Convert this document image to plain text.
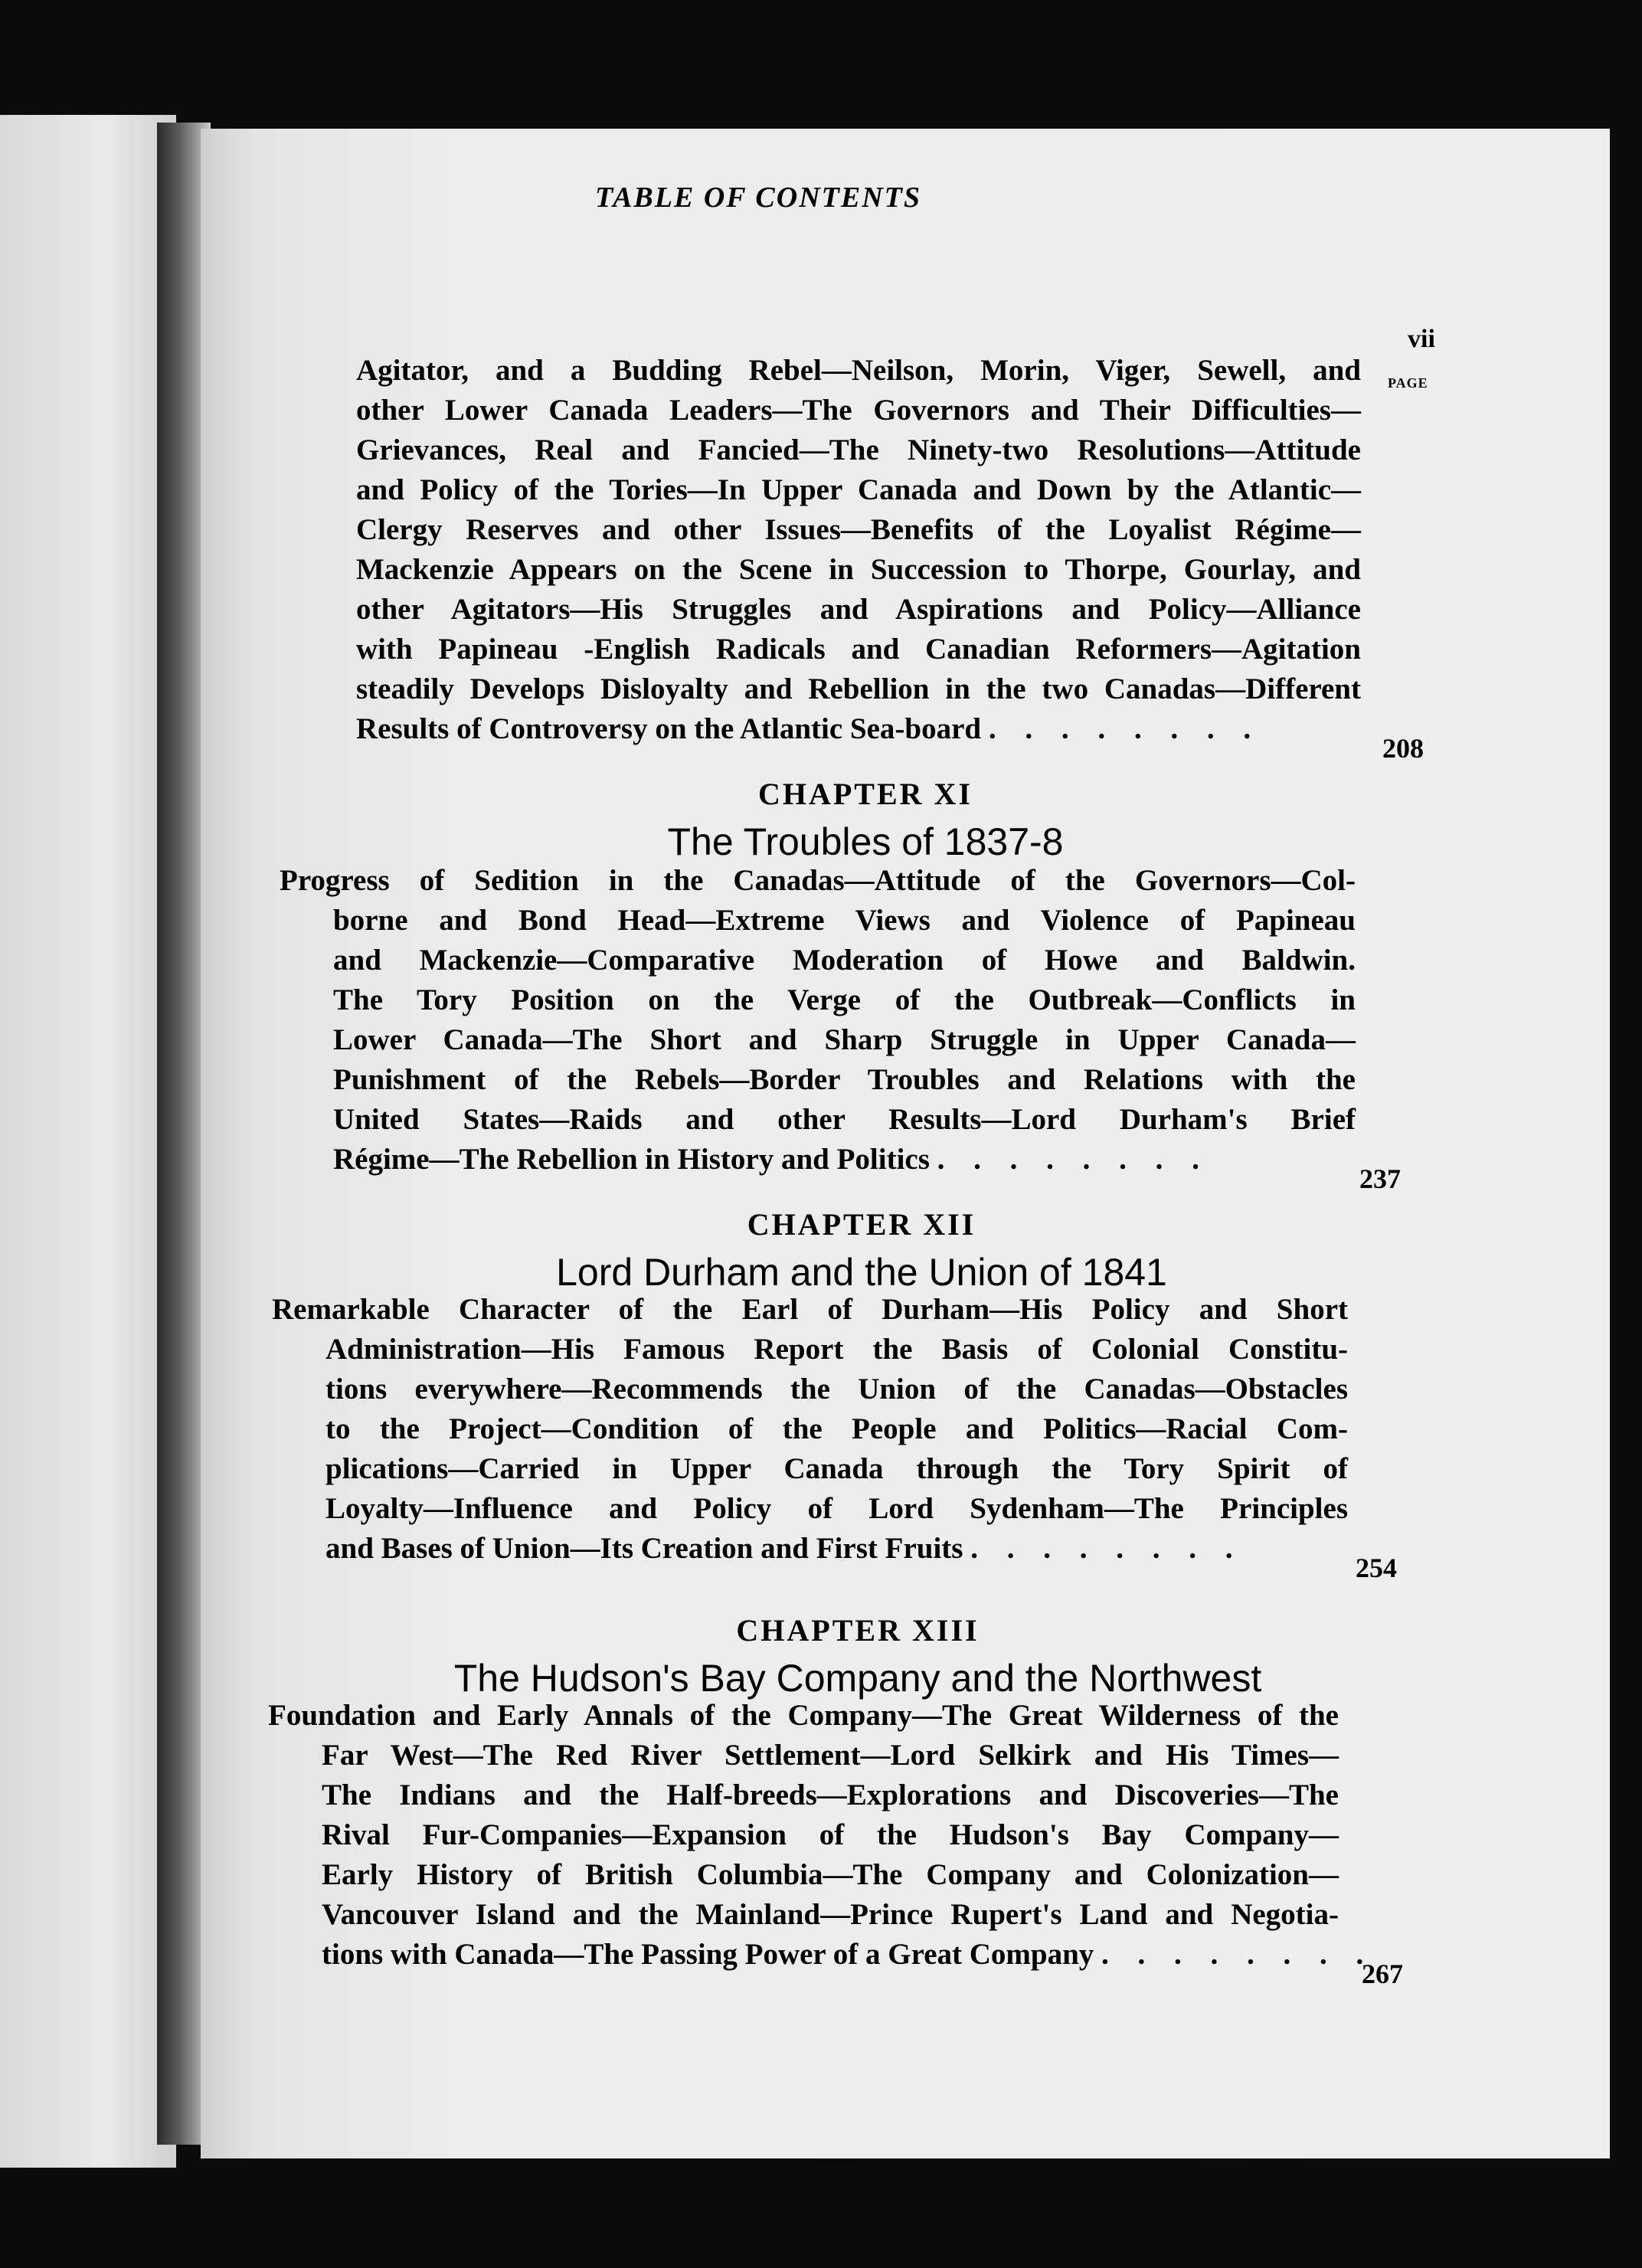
TABLE OF CONTENTS
vii
PAGE
Agitator, and a Budding Rebel—Neilson, Morin, Viger, Sewell, and
other Lower Canada Leaders—The Governors and Their Difficulties—
Grievances, Real and Fancied—The Ninety-two Resolutions—Attitude
and Policy of the Tories—In Upper Canada and Down by the Atlantic—
Clergy Reserves and other Issues—Benefits of the Loyalist Régime—
Mackenzie Appears on the Scene in Succession to Thorpe, Gourlay, and
other Agitators—His Struggles and Aspirations and Policy—Alliance
with Papineau -English Radicals and Canadian Reformers—Agitation
steadily Develops Disloyalty and Rebellion in the two Canadas—Different
Results of Controversy on the Atlantic Sea-board . . . . . . . .
208
CHAPTER XI
The Troubles of 1837-8
Progress of Sedition in the Canadas—Attitude of the Governors—Col-
borne and Bond Head—Extreme Views and Violence of Papineau
and Mackenzie—Comparative Moderation of Howe and Baldwin.
The Tory Position on the Verge of the Outbreak—Conflicts in
Lower Canada—The Short and Sharp Struggle in Upper Canada—
Punishment of the Rebels—Border Troubles and Relations with the
United States—Raids and other Results—Lord Durham's Brief
Régime—The Rebellion in History and Politics . . . . . . . .
237
CHAPTER XII
Lord Durham and the Union of 1841
Remarkable Character of the Earl of Durham—His Policy and Short
Administration—His Famous Report the Basis of Colonial Constitu-
tions everywhere—Recommends the Union of the Canadas—Obstacles
to the Project—Condition of the People and Politics—Racial Com-
plications—Carried in Upper Canada through the Tory Spirit of
Loyalty—Influence and Policy of Lord Sydenham—The Principles
and Bases of Union—Its Creation and First Fruits . . . . . . . .
254
CHAPTER XIII
The Hudson's Bay Company and the Northwest
Foundation and Early Annals of the Company—The Great Wilderness of the
Far West—The Red River Settlement—Lord Selkirk and His Times—
The Indians and the Half-breeds—Explorations and Discoveries—The
Rival Fur-Companies—Expansion of the Hudson's Bay Company—
Early History of British Columbia—The Company and Colonization—
Vancouver Island and the Mainland—Prince Rupert's Land and Negotia-
tions with Canada—The Passing Power of a Great Company . . . . . . . .
267
